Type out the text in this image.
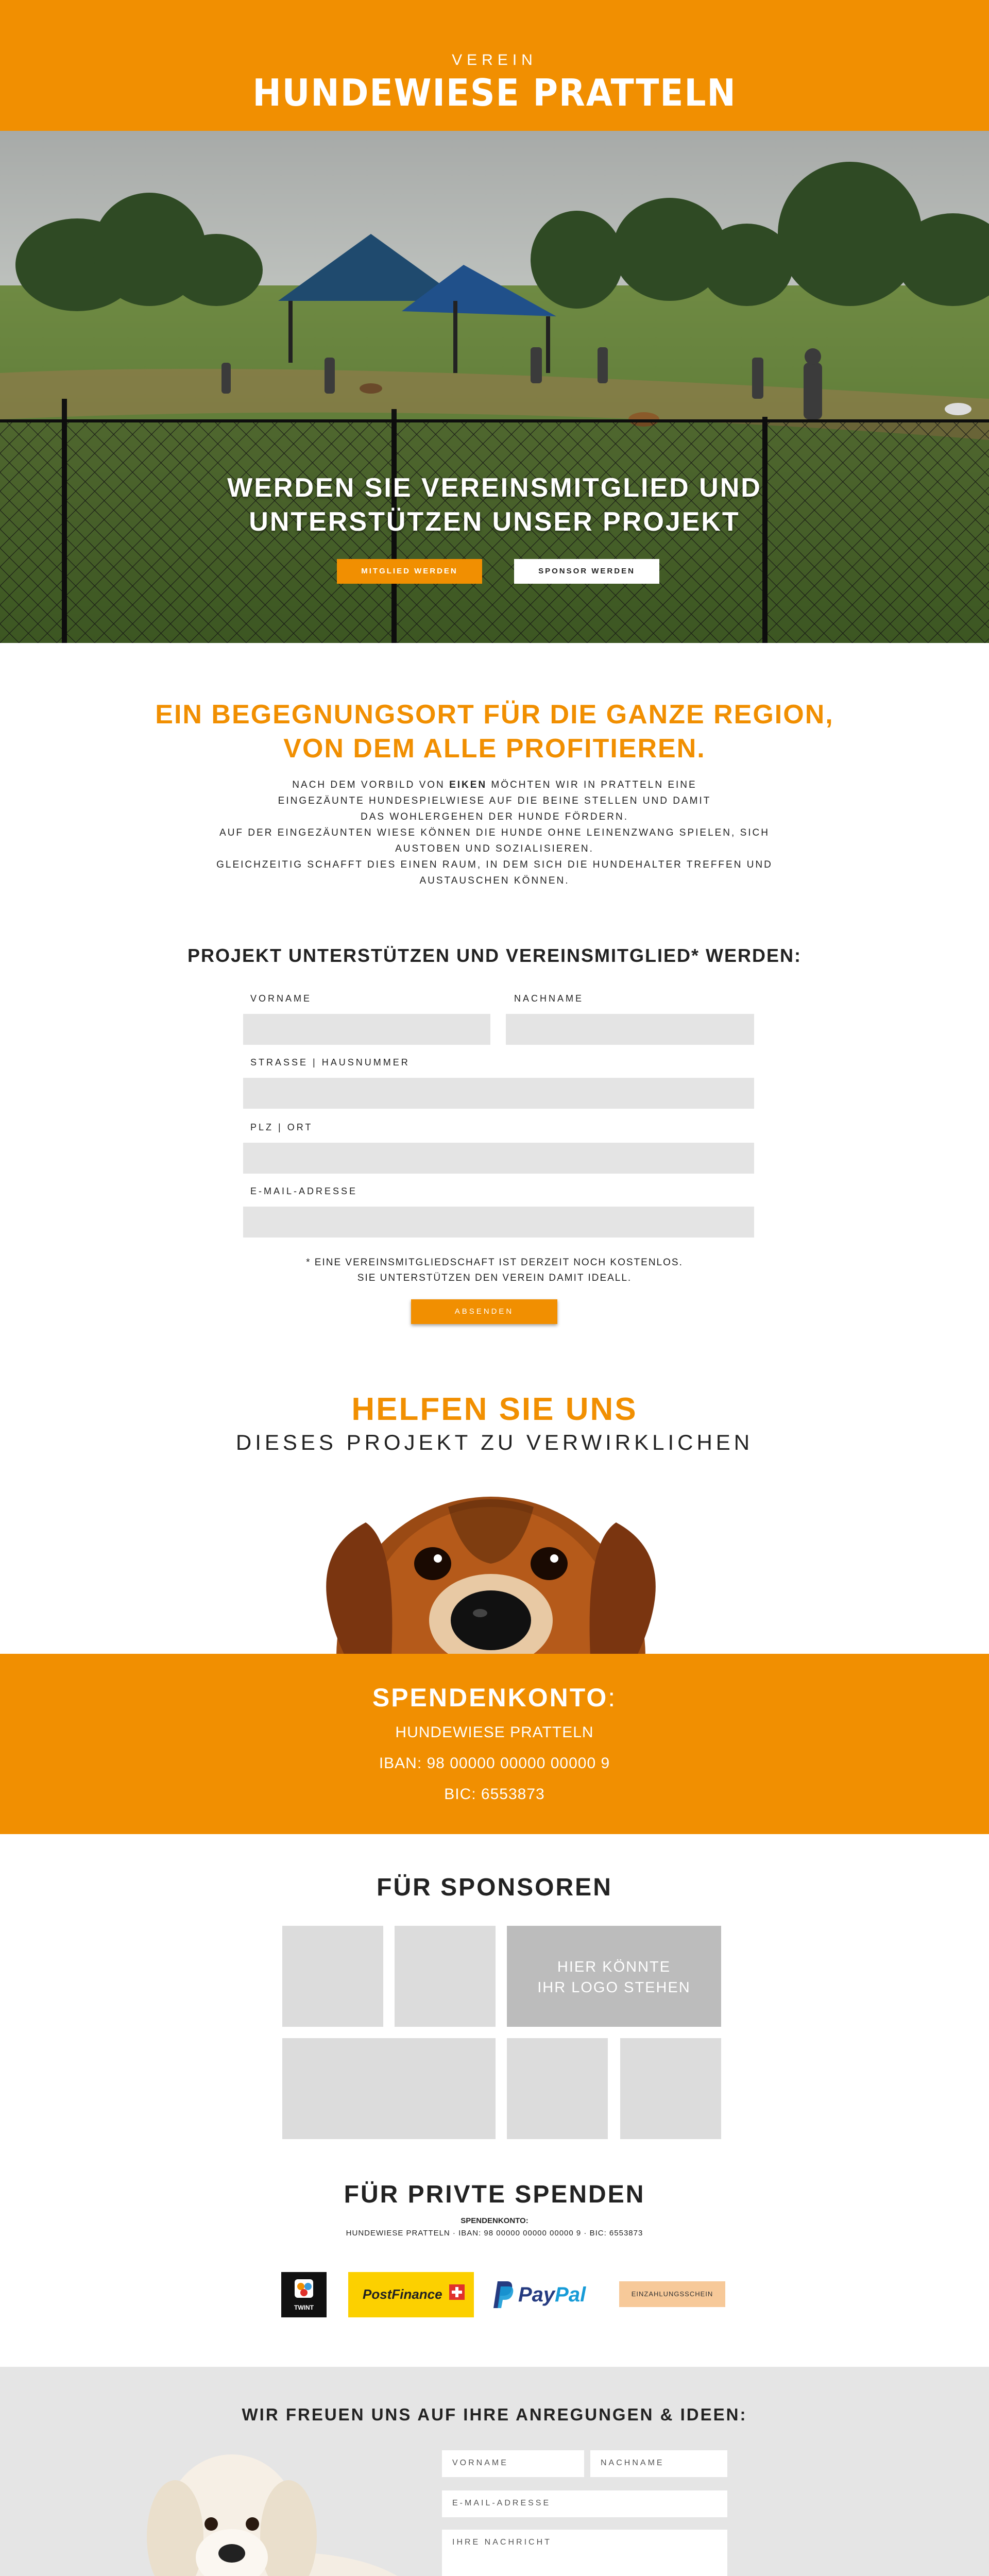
VEREIN
HUNDEWIESE PRATTELN
WERDEN SIE VEREINSMITGLIED UND
UNTERSTÜTZEN UNSER PROJEKT
MITGLIED WERDEN	SPONSOR WERDEN
EIN BEGEGNUNGSORT FÜR DIE GANZE REGION,
VON DEM ALLE PROFITIEREN.
NACH DEM VORBILD VON EIKEN MÖCHTEN WIR IN PRATTELN EINE
EINGEZÄUNTE HUNDESPIELWIESE AUF DIE BEINE STELLEN UND DAMIT
DAS WOHLERGEHEN DER HUNDE FÖRDERN.
AUF DER EINGEZÄUNTEN WIESE KÖNNEN DIE HUNDE OHNE LEINENZWANG SPIELEN, SICH
AUSTOBEN UND SOZIALISIEREN.
GLEICHZEITIG SCHAFFT DIES EINEN RAUM, IN DEM SICH DIE HUNDEHALTER TREFFEN UND
AUSTAUSCHEN KÖNNEN.
PROJEKT UNTERSTÜTZEN UND VEREINSMITGLIED* WERDEN:
VORNAME	NACHNAME
STRASSE | HAUSNUMMER
PLZ | ORT
E-MAIL-ADRESSE
* EINE VEREINSMITGLIEDSCHAFT IST DERZEIT NOCH KOSTENLOS.
SIE UNTERSTÜTZEN DEN VEREIN DAMIT IDEALL.
ABSENDEN
HELFEN SIE UNS
DIESES PROJEKT ZU VERWIRKLICHEN
SPENDENKONTO:
HUNDEWIESE PRATTELN
IBAN: 98 00000 00000 00000 9
BIC: 6553873
FÜR SPONSOREN
HIER KÖNNTE
IHR LOGO STEHEN
FÜR PRIVTE SPENDEN
SPENDENKONTO:
HUNDEWIESE PRATTELN · IBAN: 98 00000 00000 00000 9 · BIC: 6553873
TWINT
PostFinance	PayPal	EINZAHLUNGSSCHEIN
WIR FREUEN UNS AUF IHRE ANREGUNGEN & IDEEN:
VORNAME	NACHNAME
E-MAIL-ADRESSE
IHRE NACHRICHT
